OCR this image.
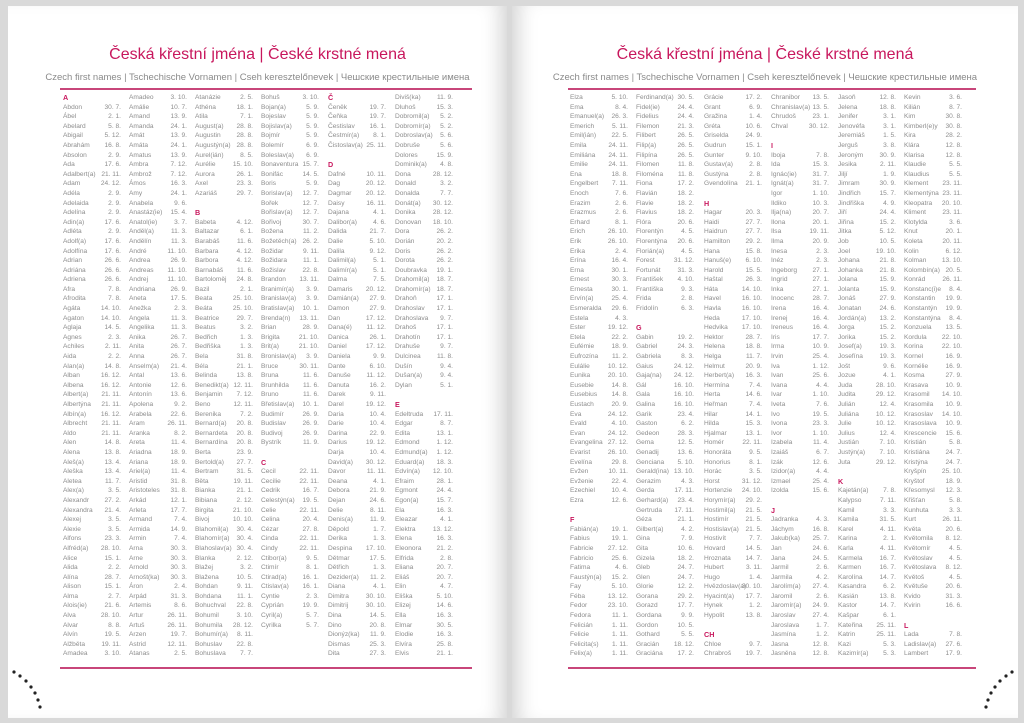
Česká křestní jména | České krstné mená
Czech first names | Tschechische Vornamen | Cseh keresztelőnevek | Чешские крестильные имена
A
Abdon	30. 7.
Ábel	2. 1.
Abelard	5. 8.
Abigail	5. 12.
Abrahám 16. 8.
Absolon	2. 9.
Ada	17. 6.
Adalbert(a) 21. 11.
Adam	24. 12.
Adéla	2. 9.
Adelaida	2. 9.
Adelína	2. 9.
Adin(a)	17. 6.
Adléta	2. 9.
Adolf(a)	17. 6.
Adolfína	17. 6.
Adrian	26. 6.
Adriána	26. 6.
Adriena	26. 6.
Afra	7. 8.
Afrodita	7. 8.
Agáta	14. 10.
Agaton	14. 10.
Aglaja	14. 5.
Agnes	2. 3.
Achiles	2. 11.
Aida	2. 2.
Alan(a)	14. 8.
Alban	16. 12.
Albena	16. 12.
Albert(a) 21. 11.
Albertýna 21. 11.
Albín(a) 16. 12.
Albrecht 21. 11.
Aldo	21. 11.
Alen	14. 8.
Alena	13. 8.
Aleš(a)	13. 4.
Aleška	13. 4.
Aletea	11. 7.
Alex(a)	3. 5.
Alexandr 27. 2.
Alexandra 21. 4.
Alexej	3. 5.
Alexie	3. 5.
Alfons	23. 3.
Alfréd(a) 28. 10.
Alice	15. 1.
Alida	2. 2.
Alína	28. 7.
Alison	15. 1.
Alma	2. 7.
Alois(ie)	21. 6.
Alva	28. 10.
Alvar	8. 8.
Alvín	19. 5.
Alžběta 19. 11.
Amadea	3. 10.
Amadeo	3. 10.
Amálie	10. 7.
Amand	13. 9.
Amanda	24. 1.
Amát	13. 9.
Amáta	24. 1.
Amatus	13. 9.
Ambra	7. 12.
Ambrož	7. 12.
Ámos	16. 3.
Amy	24. 1.
Anabela	9. 6.
Anastáz(ie) 15. 4.
Anatol(ie)	3. 7.
Anděl(a)	11. 3.
Andělín	11. 3.
André	11. 10.
Andrea	26. 9.
Andreas 11. 10.
Andrej	11. 10.
Andriana 26. 9.
Aneta	17. 5.
Anežka	2. 3.
Angela	11. 3.
Angelika	11. 3.
Anika	26. 7.
Anita	26. 7.
Anna	26. 7.
Anselm(a) 21. 4.
Antal	13. 6.
Antonie	12. 6.
Antonín	13. 6.
Apolena	9. 2.
Arabela	22. 6.
Aram	26. 11.
Aranka	8. 2.
Areta	11. 4.
Ariadna	18. 9.
Ariana	18. 9.
Ariel(a)	11. 4.
Aristid	31. 8.
Aristoteles 31. 8.
Arkád	12. 1.
Arleta	17. 7.
Armand	7. 4.
Armida	14. 9.
Armin	7. 4.
Arna	30. 3.
Arne	30. 3.
Arnold	30. 3.
Arnošt(ka) 30. 3.
Áron	2. 4.
Arpád	31. 3.
Artemis	8. 6.
Artur	26. 11.
Artuš	26. 11.
Arzen	19. 7.
Astrid	12. 11.
Atanas	2. 5.
Atanázie	2. 5.
Athéna	18. 1.
Atila	7. 1.
August(a) 28. 8.
Augustin 28. 8.
Augustýn(a) 28. 8.
Aurel(ián)	8. 5.
Aurélie	15. 10.
Aurora	26. 1.
Axel	23. 3.
Azariáš	29. 7.
B
Babeta	4. 12.
Baltazar	6. 1.
Barabáš	11. 6.
Barbara	4. 12.
Barbora	4. 12.
Barnabáš 11. 6.
Bartoloměj 24. 8.
Bazil	2. 1.
Beata	25. 10.
Beáta	25. 10.
Beatrice	29. 7.
Beatus	3. 2.
Bedřich	1. 3.
Bedřiška	1. 3.
Bela	31. 8.
Béla	21. 1.
Belinda	13. 8.
Benedikt(a) 12. 11.
Benjamin 7. 12.
Beno	12. 11.
Berenika	7. 2.
Bernard(a) 20. 8.
Bernardeta 20. 8.
Bernardína 20. 8.
Berta	23. 9.
Bertold(a) 27. 7.
Bertram	31. 5.
Běta	19. 11.
Bianka	21. 1.
Bibiana	2. 12.
Birgita	21. 10.
Bivoj	10. 10.
Blahomil(a) 30. 4.
Blahomír(a) 30. 4.
Blahoslav(a) 30. 4.
Blanka	2. 12.
Blažej	3. 2.
Blažena	10. 5.
Bohdan	9. 11.
Bohdana 11. 1.
Bohuchval 22. 8.
Bohumil	3. 10.
Bohumila 28. 12.
Bohumír(a) 8. 11.
Bohuslav 22. 8.
Bohuslava 7. 7.
Bohuš	3. 10.
Bojan(a)	5. 9.
Bojeslav	5. 9.
Bojislav(a) 5. 9.
Bojmír	5. 9.
Bolemír	6. 9.
Boleslav(a) 6. 9.
Bonaventura 15. 7.
Bonifác	14. 5.
Boris	5. 9.
Borislav(a) 12. 7.
Bořek	12. 7.
Bořislav(a) 12. 7.
Bořivoj	30. 7.
Božena	11. 2.
Božetěch(a) 26. 2.
Božidar	9. 11.
Božidara 11. 1.
Božislav	22. 8.
Brandon 13. 11.
Branimír(a) 3. 9.
Branislav(a) 3. 9.
Bratislav(a) 10. 1.
Brenda(n) 13. 11.
Brian	28. 9.
Brigita	21. 10.
Brit(a)	21. 10.
Bronislav(a) 3. 9.
Bruce	30. 11.
Bruna	11. 6.
Brunhilda 11. 6.
Bruno	11. 6.
Břetislav(a) 10. 1.
Budimír	26. 9.
Budislav	26. 9.
Budivoj	26. 9.
Bystrík	11. 9.
C
Cecil	22. 11.
Cecilie	22. 11.
Cedrik	16. 7.
Celestýn(a) 19. 5.
Celie	22. 11.
Celina	20. 4.
Cézar	27. 8.
Cinda	22. 11.
Cindy	22. 11.
Ctibor(a)	9. 5.
Ctimír	8. 1.
Ctirad(a) 16. 1.
Ctislav(a) 16. 1.
Cyntie	2. 3.
Cyprián	19. 9.
Cyril(a)	5. 7.
Cyrilka	5. 7.
Č
Čeněk	19. 7.
Čeňka	19. 7.
Čestislav 16. 1.
Čestmír(a) 8. 1.
Čistoslav(a) 25. 11.
D
Dafné	10. 11.
Dag	20. 12.
Dagmar 20. 12.
Daisy	16. 11.
Dajana	4. 1.
Dalibor(a) 4. 6.
Dalida	21. 7.
Dalie	5. 10.
Dalila	9. 12.
Dalimil(a)	5. 1.
Dalimír(a) 5. 1.
Dalma	7. 5.
Damaris 20. 12.
Damián(a) 27. 9.
Damon	27. 9.
Dan	17. 12.
Dana(é) 11. 12.
Danica	26. 1.
Daniel	17. 12.
Daniela	9. 9.
Dante	6. 10.
Danuše 11. 12.
Danuta	16. 2.
Darek	9. 11.
Darel	19. 12.
Daria	10. 4.
Darie	10. 4.
Darina	22. 9.
Darius	19. 12.
Darja	10. 4.
David(a) 30. 12.
Davor	11. 11.
Deana	4. 1.
Debora	21. 9.
Dejan	24. 6.
Delie	8. 11.
Denis(a)	11. 9.
Děpold	1. 7.
Derika	1. 3.
Despina 17. 10.
Dětmar	17. 5.
Dětřich	1. 3.
Dezider(a) 11. 2.
Diana	4. 1.
Dimitra	30. 10.
Dimitrij	30. 10.
Dina	14. 5.
Dino	20. 8.
Dionýz(ka) 11. 9.
Dismas	25. 3.
Dita	27. 3.
Diviš(ka) 11. 9.
Dluhoš	15. 3.
Dobromil(a) 5. 2.
Dobromír(a) 5. 2.
Dobroslav(a) 5. 6.
Dobruše	5. 6.
Dolores	15. 9.
Dominik(a) 4. 8.
Dona	28. 12.
Donald	3. 2.
Donalda	7. 7.
Donát(a) 30. 12.
Donika	28. 12.
Donovan 18. 10.
Dora	26. 2.
Dorián	20. 2.
Doris	26. 2.
Dorota	26. 2.
Doubravka 19. 1.
Drahomil(a) 18. 7.
Drahomír(a) 18. 7.
Drahoň	17. 1.
Drahoslav 17. 1.
Drahoslava 9. 7.
Drahoš	17. 1.
Drahotín 17. 1.
Drahuše	9. 7.
Dulcinea 11. 8.
Dušín	9. 4.
Dušan(a)	9. 4.
Dylan	5. 1.
E
Edeltruda 17. 11.
Edgar	8. 7.
Edita	13. 1.
Edmond	1. 12.
Edmund(a) 1. 12.
Eduard(a) 18. 3.
Edvín(a) 12. 10.
Efraim	28. 1.
Egmont	24. 4.
Egon(a)	15. 7.
Ela	16. 3.
Eleazar	4. 1.
Elektra	13. 12.
Elena	16. 3.
Eleonora 21. 2.
Elfrida	2. 8.
Eliana	20. 7.
Eliáš	20. 7.
Elin	4. 7.
Eliška	5. 10.
Elizej	14. 6.
Ella	16. 3.
Elmar	30. 5.
Elodie	16. 3.
Elvíra	25. 8.
Elvis	21. 1.
Česká křestní jména | České krstné mená
Czech first names | Tschechische Vornamen | Cseh keresztelőnevek | Чешские крестильные имена
Elza	5. 10.
Ema	8. 4.
Emanuel(a) 26. 3.
Emerich	5. 11.
Emil(ián) 22. 5.
Emila	24. 11.
Emiliána 24. 11.
Emilie	24. 11.
Ena	18. 8.
Engelbert 7. 11.
Enoch	7. 6.
Erazim	2. 6.
Erazmus	2. 6.
Erhard	8. 1.
Erich	26. 10.
Erik	26. 10.
Erika	2. 4.
Erína	16. 4.
Erna	30. 1.
Ernest	30. 3.
Ernesta	30. 1.
Ervín(a)	25. 4.
Esmeralda 29. 6.
Estela	4. 3.
Ester	19. 12.
Etela	22. 2.
Eufémie	18. 9.
Eufrozína 11. 2.
Eulálie	10. 12.
Eunika	20. 10.
Eusebie	14. 8.
Eusebius 14. 8.
Eustach	20. 9.
Eva	24. 12.
Evald	4. 10.
Evan	24. 12.
Evangelina 27. 12.
Evarist	26. 10.
Evelína	29. 8.
Evžen	10. 11.
Evženie	22. 4.
Ezechiel	10. 4.
Ezra	12. 6.
F
Fabián(a) 19. 1.
Fabius	19. 1.
Fabricie 27. 12.
Fabricio	25. 6.
Fatima	4. 6.
Faustýn(a) 15. 2.
Fay	5. 10.
Féba	13. 12.
Fedor	23. 10.
Fedora	11. 1.
Felicián	1. 11.
Felicie	1. 11.
Felicita(s) 1. 11.
Felix(a)	1. 11.
Ferdinand(a) 30. 5.
Fidel(ie)	24. 4.
Fidelius	24. 4.
Filemon	21. 3.
Filibert	26. 5.
Filip(a)	26. 5.
Filipína	26. 5.
Filomen	11. 8.
Filoména 11. 8.
Fiona	17. 2.
Flavián	18. 2.
Flavie	18. 2.
Flavius	18. 2.
Flóra	20. 6.
Florentýn	4. 5.
Florentýna 20. 6.
Florián(a)	4. 5.
Forest	31. 12.
Fortunát	31. 3.
František 4. 10.
Františka	9. 3.
Frida	2. 8.
Fridolín	6. 3.
G
Gabin	19. 2.
Gabriel	24. 3.
Gabriela	8. 3.
Gaius	24. 12.
Gaja(na) 24. 12.
Gál	16. 10.
Gala	16. 10.
Galina	16. 10.
Garik	23. 4.
Gaston	6. 2.
Gedeon	28. 3.
Gema	12. 5.
Genadij	13. 6.
Genciana 5. 10.
Gerald(ina) 13. 10.
Gerazim	4. 3.
Gerda	17. 11.
Gerhard(a) 23. 4.
Gertruda 17. 11.
Géza	21. 1.
Gilbert(a)	4. 2.
Gina	7. 9.
Gita	10. 6.
Gizela	18. 2.
Gleb	24. 7.
Glen	24. 7.
Glorie	12. 2.
Gorana	29. 2.
Gorazd	17. 7.
Gordana	9. 9.
Gordon	10. 5.
Gothard	5. 5.
Gracián 18. 12.
Graciána 17. 2.
Grácie	17. 2.
Grant	6. 9.
Gražina	1. 4.
Gréta	10. 6.
Griselda	24. 9.
Gudrun	15. 1.
Gunter	9. 10.
Gustav(a) 2. 8.
Gustýna	2. 8.
Gvendolína 21. 1.
H
Hagar	20. 3.
Haidi	27. 7.
Haidrun	27. 7.
Hamilton 29. 2.
Hana	15. 8.
Hanuš(e) 6. 10.
Harold	15. 5.
Haštal	26. 3.
Háta	14. 10.
Havel	16. 10.
Havla	16. 10.
Heda	17. 10.
Hedvika 17. 10.
Hektor	28. 7.
Helena	18. 8.
Helga	11. 7.
Helmut	20. 9.
Herbert(a) 16. 3.
Hermína	7. 4.
Herta	14. 6.
Heřman	7. 4.
Hilar	14. 1.
Hilda	15. 3.
Hjalmar	13. 1.
Homér	22. 11.
Honoráta	9. 5.
Honorius	8. 1.
Horác	3. 5.
Horst	31. 12.
Hortenzie 24. 10.
Horymír(a) 29. 2.
Hostimil(a) 21. 5.
Hostimír	21. 5.
Hostislav(a) 21. 5.
Hostivít	7. 7.
Hovard	14. 5.
Hroznata 14. 7.
Hubert	3. 11.
Hugo	1. 4.
Hvězdoslav(a)
30. 10.
Hyacint(a) 17. 7.
Hynek	1. 2.
Hypolit	13. 8.
CH
Chloe	9. 7.
Chrabroš 19. 7.
Chranibor 13. 5.
Chranislav(a) 13. 5.
Chrudoš	23. 1.
Chval	30. 12.
I
Iboja	7. 8.
Ida	15. 3.
Ignác(ie) 31. 7.
Ignát(a)	31. 7.
Igor	1. 10.
Ildiko	10. 3.
Ilja(na)	20. 7.
Ilona	20. 1.
Ilsa	19. 11.
Ilma	20. 9.
Inesa	2. 3.
Inéz	2. 3.
Ingeborg 27. 1.
Ingrid	27. 1.
Inka	27. 1.
Inocenc	28. 7.
Irena	16. 4.
Irenej	16. 4.
Ireneus	16. 4.
Iris	17. 7.
Irma	10. 9.
Irvin	25. 4.
Iva	1. 12.
Ivan	25. 6.
Ivana	4. 4.
Ivar	1. 10.
Iveta	7. 6.
Ivo	19. 5.
Ivona	23. 3.
Ivor	1. 10.
Izabela	11. 4.
Izaiáš	6. 7.
Izák	12. 6.
Izidor(a)	4. 4.
Izmael	25. 4.
Izolda	15. 6.
J
Jadranka	4. 3.
Jáchym	16. 8.
Jakub(ka) 25. 7.
Jan	24. 6.
Jana	24. 5.
Jarmil	2. 6.
Jarmila	4. 2.
Jarolím(a) 27. 4.
Jaromil	2. 6.
Jaromír(a) 24. 9.
Jaroslav	27. 4.
Jaroslava	1. 7.
Jasmína	1. 2.
Jasna	12. 8.
Jasněna	12. 8.
Jasoň	12. 8.
Jelena	18. 8.
Jenifer	3. 1.
Jenovéfa	3. 1.
Jeremiáš	1. 5.
Jerguš	3. 8.
Jeroným 30. 9.
Jesika	2. 11.
Jiljí	1. 9.
Jimram	30. 9.
Jindřich	15. 7.
Jindřiška	4. 9.
Jiří	24. 4.
Jiřina	15. 2.
Jitka	5. 12.
Job	10. 5.
Joel	19. 10.
Johana	21. 8.
Johanka	21. 8.
Jolana	15. 9.
Jolanta	15. 9.
Jonáš	27. 9.
Jonatan	24. 6.
Jordán(a) 13. 2.
Jorga	15. 2.
Jorika	15. 2.
Josef(a)	19. 3.
Josefína	19. 3.
Jošt	9. 6.
Jozue	4. 1.
Juda	28. 10.
Judita	29. 12.
Julián	12. 4.
Juliána	10. 12.
Julie	10. 12.
Julius	12. 4.
Justián	7. 10.
Justýn(a) 7. 10.
Juta	29. 12.
K
Kajetán(a) 7. 8.
Kalypso	7. 11.
Kamil	3. 3.
Kamila	31. 5.
Karel	4. 11.
Karina	2. 1.
Karla	4. 11.
Karmela	16. 7.
Karmen	16. 7.
Karolína	14. 7.
Kasandra	6. 2.
Kasián	13. 8.
Kastor	14. 7.
Kašpar	6. 1.
Kateřina 25. 11.
Katrin	25. 11.
Kazi	5. 3.
Kazimír(a) 5. 3.
Kevin	3. 6.
Kilián	8. 7.
Kim	30. 8.
Kimberl(e)y 30. 8.
Kira	28. 2.
Klára	12. 8.
Klarisa	12. 8.
Klaudie	5. 5.
Klaudius	5. 5.
Klement 23. 11.
Klementýna 23. 11.
Kleopatra 20. 10.
Kliment 23. 11.
Klotylda	3. 6.
Knut	20. 1.
Koleta	20. 11.
Kolin	6. 12.
Kolman 13. 10.
Kolombín(a) 20. 5.
Konrád	26. 11.
Konstanc(i)e 8. 4.
Konstantin 19. 9.
Konstantýn 19. 9.
Konstantýna 8. 4.
Konzuela 13. 5.
Kordula 22. 10.
Korina	22. 10.
Kornel	16. 9.
Kornélie	16. 9.
Kosma	27. 9.
Krasava	10. 9.
Krasomil 14. 10.
Krasomila 10. 9.
Krasoslav 14. 10.
Krasoslava 10. 9.
Krescencie 15. 6.
Kristián	5. 8.
Kristiána 24. 7.
Kristýna	24. 7.
Kryšpín 25. 10.
Kryštof	18. 9.
Křesomysl 12. 3.
Křišťan	5. 8.
Kunhuta	3. 3.
Kurt	26. 11.
Květa	20. 6.
Květomila 8. 12.
Květomír	4. 5.
Květoslav	4. 5.
Květoslava 8. 12.
Květoš	4. 5.
Květuše	20. 6.
Kvido	31. 3.
Kvirin	16. 6.
L
Lada	7. 8.
Ladislav(a) 27. 6.
Lambert	17. 9.
